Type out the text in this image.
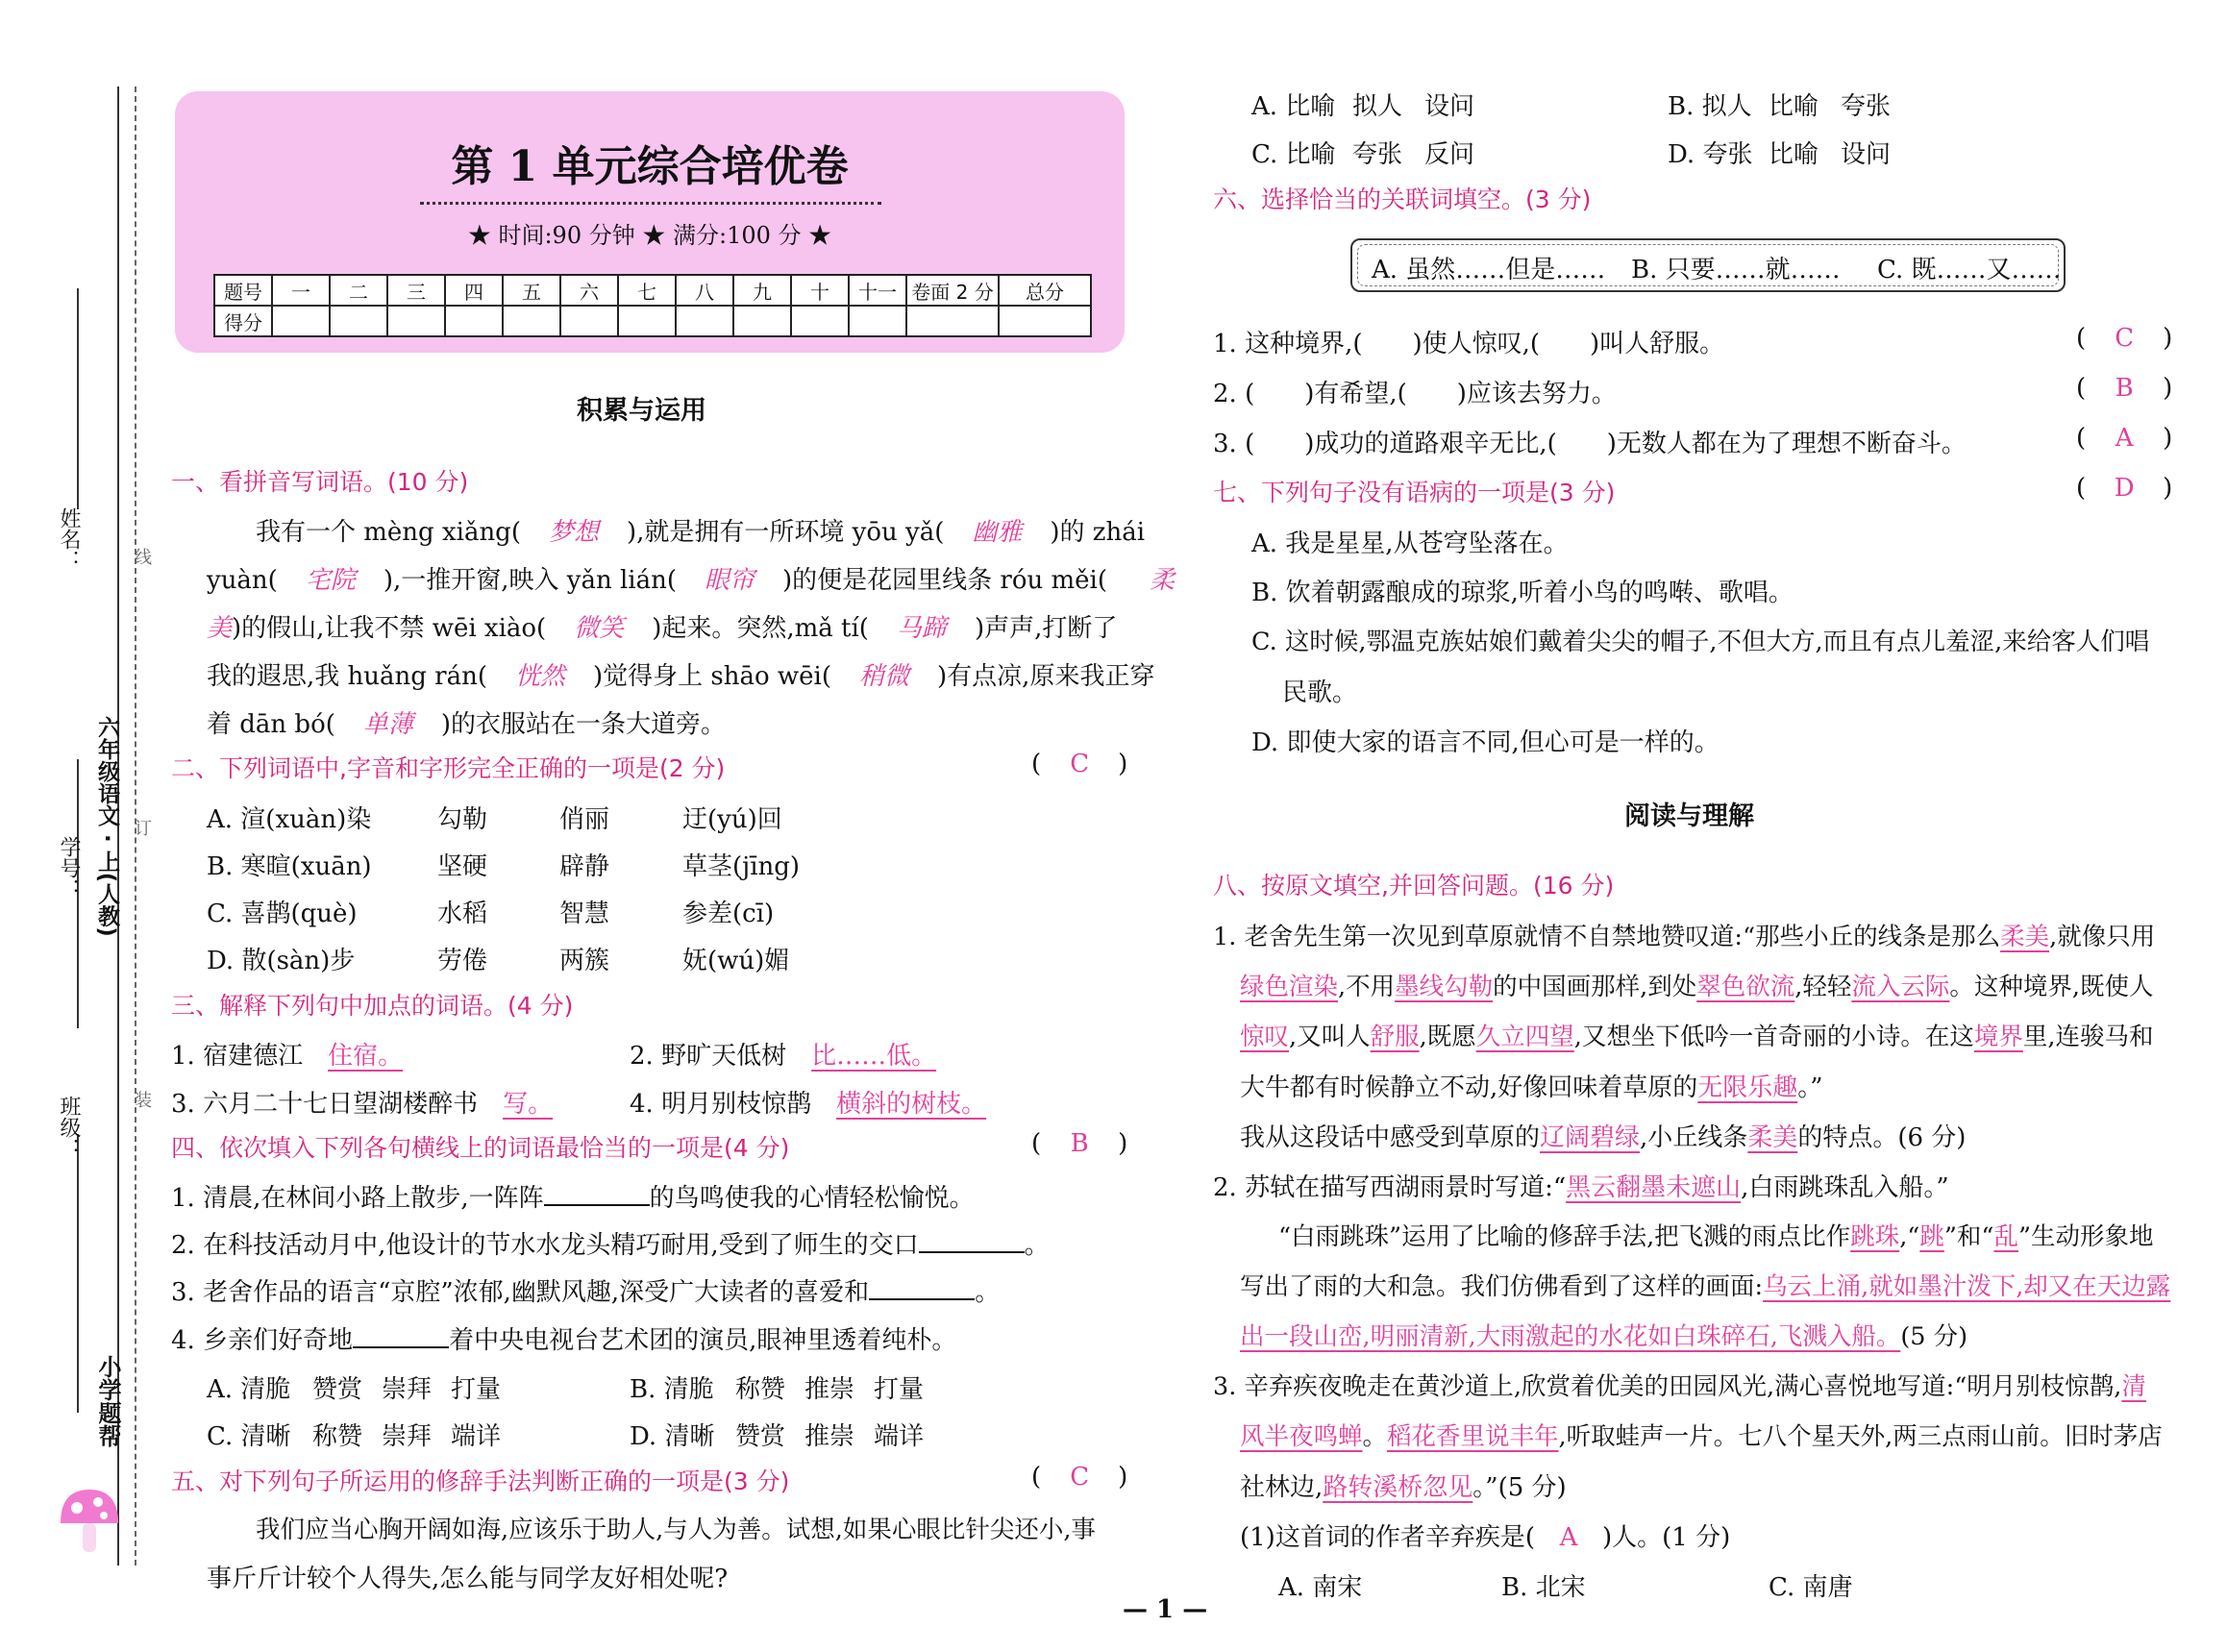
姓名：
学号：
班级：
六年级语文 · 上(人教)
线
订
装
小学题帮
第 1 单元综合培优卷
★ 时间:90 分钟 ★ 满分:100 分 ★
题号	一	二	三	四	五	六	七	八	九	十	十一	卷面 2 分	总分
得分													
积累与运用
一、看拼音写词语。(10 分)
我有一个 mèng xiǎng( 梦想 ),就是拥有一所环境 yōu yǎ( 幽雅 )的 zhái
yuàn( 宅院 ),一推开窗,映入 yǎn lián( 眼帘 )的便是花园里线条 róu měi( 柔
美)的假山,让我不禁 wēi xiào( 微笑 )起来。突然,mǎ tí( 马蹄 )声声,打断了
我的遐思,我 huǎng rán( 恍然 )觉得身上 shāo wēi( 稍微 )有点凉,原来我正穿
着 dān bó( 单薄 )的衣服站在一条大道旁。
二、下列词语中,字音和字形完全正确的一项是(2 分)	( C )
A. 渲(xuàn)染	勾勒	俏丽	迂(yú)回
B. 寒暄(xuān)	坚硬	辟静	草茎(jīng)
C. 喜鹊(què)	水稻	智慧	参差(cī)
D. 散(sàn)步	劳倦	两簇	妩(wú)媚
三、解释下列句中加点的词语。(4 分)
1. 宿建德江　 住宿。	2. 野旷天低树　 比……低。
3. 六月二十七日望湖楼醉书　 写。	4. 明月别枝惊鹊　 横斜的树枝。
四、依次填入下列各句横线上的词语最恰当的一项是(4 分)	( B )
1. 清晨,在林间小路上散步,一阵阵	的鸟鸣使我的心情轻松愉悦。
2. 在科技活动月中,他设计的节水水龙头精巧耐用,受到了师生的交口	。
3. 老舍作品的语言“京腔”浓郁,幽默风趣,深受广大读者的喜爱和	。
4. 乡亲们好奇地	着中央电视台艺术团的演员,眼神里透着纯朴。
A. 清脆 赞赏 崇拜 打量	B. 清脆 称赞 推崇 打量
C. 清晰 称赞 崇拜 端详	D. 清晰 赞赏 推崇 端详
五、对下列句子所运用的修辞手法判断正确的一项是(3 分)	( C )
我们应当心胸开阔如海,应该乐于助人,与人为善。试想,如果心眼比针尖还小,事
事斤斤计较个人得失,怎么能与同学友好相处呢?
A. 比喻 拟人 设问	B. 拟人 比喻 夸张
C. 比喻 夸张 反问	D. 夸张 比喻 设问
六、选择恰当的关联词填空。(3 分)
A. 虽然……但是…… B. 只要……就…… C. 既……又……
1. 这种境界,(　　)使人惊叹,(　　)叫人舒服。	( C )
2. (　　)有希望,(　　)应该去努力。	( B )
3. (　　)成功的道路艰辛无比,(　　)无数人都在为了理想不断奋斗。	( A )
七、下列句子没有语病的一项是(3 分)	( D )
A. 我是星星,从苍穹坠落在。
B. 饮着朝露酿成的琼浆,听着小鸟的鸣啭、歌唱。
C. 这时候,鄂温克族姑娘们戴着尖尖的帽子,不但大方,而且有点儿羞涩,来给客人们唱
民歌。
D. 即使大家的语言不同,但心可是一样的。
阅读与理解
八、按原文填空,并回答问题。(16 分)
1. 老舍先生第一次见到草原就情不自禁地赞叹道:“那些小丘的线条是那么柔美,就像只用
绿色渲染,不用墨线勾勒的中国画那样,到处翠色欲流,轻轻流入云际。这种境界,既使人
惊叹,又叫人舒服,既愿久立四望,又想坐下低吟一首奇丽的小诗。在这境界里,连骏马和
大牛都有时候静立不动,好像回味着草原的无限乐趣。”
我从这段话中感受到草原的辽阔碧绿,小丘线条柔美的特点。(6 分)
2. 苏轼在描写西湖雨景时写道:“黑云翻墨未遮山,白雨跳珠乱入船。”
“白雨跳珠”运用了比喻的修辞手法,把飞溅的雨点比作跳珠,“跳”和“乱”生动形象地
写出了雨的大和急。我们仿佛看到了这样的画面:乌云上涌,就如墨汁泼下,却又在天边露
出一段山峦,明丽清新,大雨激起的水花如白珠碎石,飞溅入船。(5 分)
3. 辛弃疾夜晚走在黄沙道上,欣赏着优美的田园风光,满心喜悦地写道:“明月别枝惊鹊,清
风半夜鸣蝉。稻花香里说丰年,听取蛙声一片。七八个星天外,两三点雨山前。旧时茅店
社林边,路转溪桥忽见。”(5 分)
(1)这首词的作者辛弃疾是( A )人。(1 分)
A. 南宋	B. 北宋	C. 南唐
— 1 —
